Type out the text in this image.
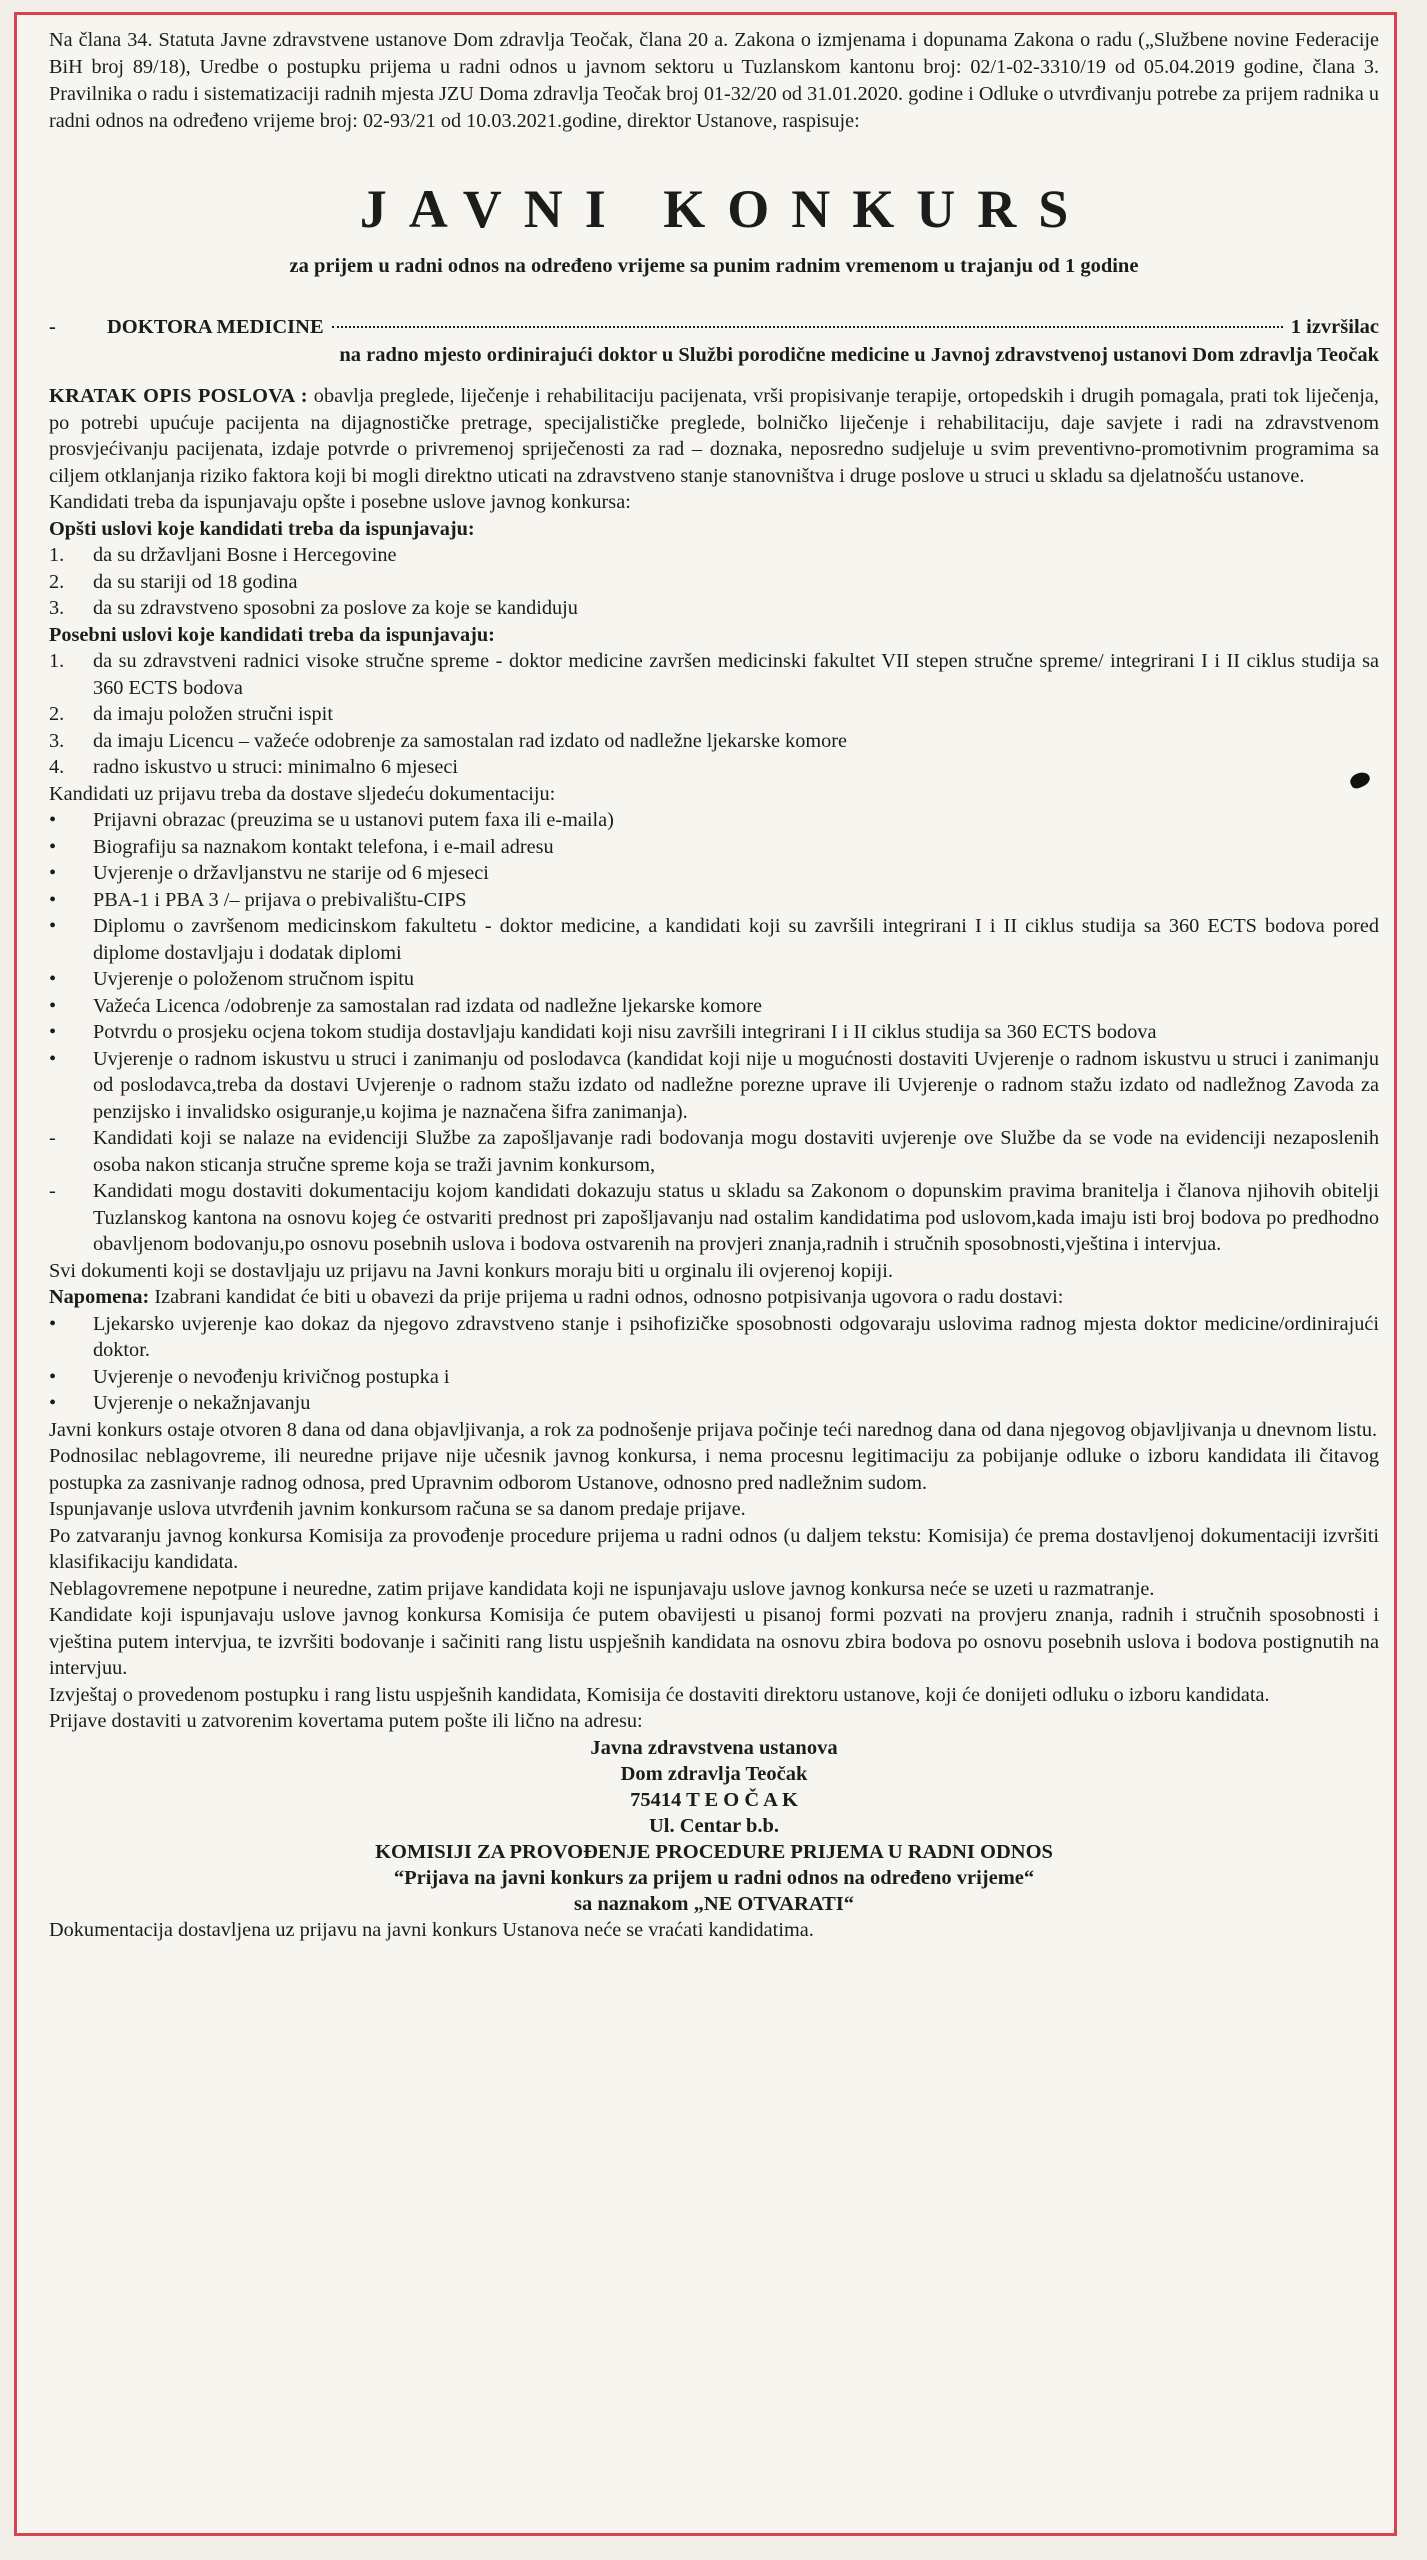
Na člana 34. Statuta Javne zdravstvene ustanove Dom zdravlja Teočak, člana 20 a. Zakona o izmjenama i dopunama Zakona o radu („Službene novine Federacije BiH broj 89/18), Uredbe o postupku prijema u radni odnos u javnom sektoru u Tuzlanskom kantonu broj: 02/1-02-3310/19 od 05.04.2019 godine, člana 3. Pravilnika o radu i sistematizaciji radnih mjesta JZU Doma zdravlja Teočak broj 01-32/20 od 31.01.2020. godine i Odluke o utvrđivanju potrebe za prijem radnika u radni odnos na određeno vrijeme broj: 02-93/21 od 10.03.2021.godine, direktor Ustanove, raspisuje:

JAVNI KONKURS

za prijem u radni odnos na određeno vrijeme sa punim radnim vremenom u trajanju od 1 godine

-	DOKTORA MEDICINE	1 izvršilac
na radno mjesto ordinirajući doktor u Službi porodične medicine u Javnoj zdravstvenoj ustanovi Dom zdravlja Teočak

KRATAK OPIS POSLOVA : obavlja preglede, liječenje i rehabilitaciju pacijenata, vrši propisivanje terapije, ortopedskih i drugih pomagala, prati tok liječenja, po potrebi upućuje pacijenta na dijagnostičke pretrage, specijalističke preglede, bolničko liječenje i rehabilitaciju, daje savjete i radi na zdravstvenom prosvjećivanju pacijenata, izdaje potvrde o privremenoj spriječenosti za rad – doznaka, neposredno sudjeluje u svim preventivno-promotivnim programima sa ciljem otklanjanja riziko faktora koji bi mogli direktno uticati na zdravstveno stanje stanovništva i druge poslove u struci u skladu sa djelatnošću ustanove.

Kandidati treba da ispunjavaju opšte i posebne uslove javnog konkursa:

Opšti uslovi koje kandidati treba da ispunjavaju:

1.	da su državljani Bosne i Hercegovine
2.	da su stariji od 18 godina
3.	da su zdravstveno sposobni za poslove za koje se kandiduju

Posebni uslovi koje kandidati treba da ispunjavaju:

1.	da su zdravstveni radnici visoke stručne spreme - doktor medicine završen medicinski fakultet VII stepen stručne spreme/ integrirani I i II ciklus studija sa 360 ECTS bodova
2.	da imaju položen stručni ispit
3.	da imaju Licencu – važeće odobrenje za samostalan rad izdato od nadležne ljekarske komore
4.	radno iskustvo u struci: minimalno 6 mjeseci

Kandidati uz prijavu treba da dostave sljedeću dokumentaciju:

•	Prijavni obrazac (preuzima se u ustanovi putem faxa ili e-maila)
•	Biografiju sa naznakom kontakt telefona, i e-mail adresu
•	Uvjerenje o državljanstvu ne starije od 6 mjeseci
•	PBA-1 i PBA 3 /– prijava o prebivalištu-CIPS
•	Diplomu o završenom medicinskom fakultetu - doktor medicine, a kandidati koji su završili integrirani I i II ciklus studija sa 360 ECTS bodova pored diplome dostavljaju i dodatak diplomi
•	Uvjerenje o položenom stručnom ispitu
•	Važeća Licenca /odobrenje za samostalan rad izdata od nadležne ljekarske komore
•	Potvrdu o prosjeku ocjena tokom studija dostavljaju kandidati koji nisu završili integrirani I i II ciklus studija sa 360 ECTS bodova
•	Uvjerenje o radnom iskustvu u struci i zanimanju od poslodavca (kandidat koji nije u mogućnosti dostaviti Uvjerenje o radnom iskustvu u struci i zanimanju od poslodavca,treba da dostavi Uvjerenje o radnom stažu izdato od nadležne porezne uprave ili Uvjerenje o radnom stažu izdato od nadležnog Zavoda za penzijsko i invalidsko osiguranje,u kojima je naznačena šifra zanimanja).
-	Kandidati koji se nalaze na evidenciji Službe za zapošljavanje radi bodovanja mogu dostaviti uvjerenje ove Službe da se vode na evidenciji nezaposlenih osoba nakon sticanja stručne spreme koja se traži javnim konkursom,
-	Kandidati mogu dostaviti dokumentaciju kojom kandidati dokazuju status u skladu sa Zakonom o dopunskim pravima branitelja i članova njihovih obitelji Tuzlanskog kantona na osnovu kojeg će ostvariti prednost pri zapošljavanju nad ostalim kandidatima pod uslovom,kada imaju isti broj bodova po predhodno obavljenom bodovanju,po osnovu posebnih uslova i bodova ostvarenih na provjeri znanja,radnih i stručnih sposobnosti,vještina i intervjua.

Svi dokumenti koji se dostavljaju uz prijavu na Javni konkurs moraju biti u orginalu ili ovjerenoj kopiji.

Napomena: Izabrani kandidat će biti u obavezi da prije prijema u radni odnos, odnosno potpisivanja ugovora o radu dostavi:

•	Ljekarsko uvjerenje kao dokaz da njegovo zdravstveno stanje i psihofizičke sposobnosti odgovaraju uslovima radnog mjesta doktor medicine/ordinirajući doktor.
•	Uvjerenje o nevođenju krivičnog postupka i
•	Uvjerenje o nekažnjavanju

Javni konkurs ostaje otvoren 8 dana od dana objavljivanja, a rok za podnošenje prijava počinje teći narednog dana od dana njegovog objavljivanja u dnevnom listu.

Podnosilac neblagovreme, ili neuredne prijave nije učesnik javnog konkursa, i nema procesnu legitimaciju za pobijanje odluke o izboru kandidata ili čitavog postupka za zasnivanje radnog odnosa, pred Upravnim odborom Ustanove, odnosno pred nadležnim sudom.

Ispunjavanje uslova utvrđenih javnim konkursom računa se sa danom predaje prijave.

Po zatvaranju javnog konkursa Komisija za provođenje procedure prijema u radni odnos (u daljem tekstu: Komisija) će prema dostavljenoj dokumentaciji izvršiti klasifikaciju kandidata.

Neblagovremene nepotpune i neuredne, zatim prijave kandidata koji ne ispunjavaju uslove javnog konkursa neće se uzeti u razmatranje.

Kandidate koji ispunjavaju uslove javnog konkursa Komisija će putem obavijesti u pisanoj formi pozvati na provjeru znanja, radnih i stručnih sposobnosti i vještina putem intervjua, te izvršiti bodovanje i sačiniti rang listu uspješnih kandidata na osnovu zbira bodova po osnovu posebnih uslova i bodova postignutih na intervjuu.

Izvještaj o provedenom postupku i rang listu uspješnih kandidata, Komisija će dostaviti direktoru ustanove, koji će donijeti odluku o izboru kandidata.

Prijave dostaviti u zatvorenim kovertama putem pošte ili lično na adresu:

Javna zdravstvena ustanova

Dom zdravlja Teočak

75414 T E O Č A K

Ul. Centar b.b.

KOMISIJI ZA PROVOĐENJE PROCEDURE PRIJEMA U RADNI ODNOS

“Prijava na javni konkurs za prijem u radni odnos na određeno vrijeme“

sa naznakom „NE OTVARATI“

Dokumentacija dostavljena uz prijavu na javni konkurs Ustanova neće se vraćati kandidatima.
